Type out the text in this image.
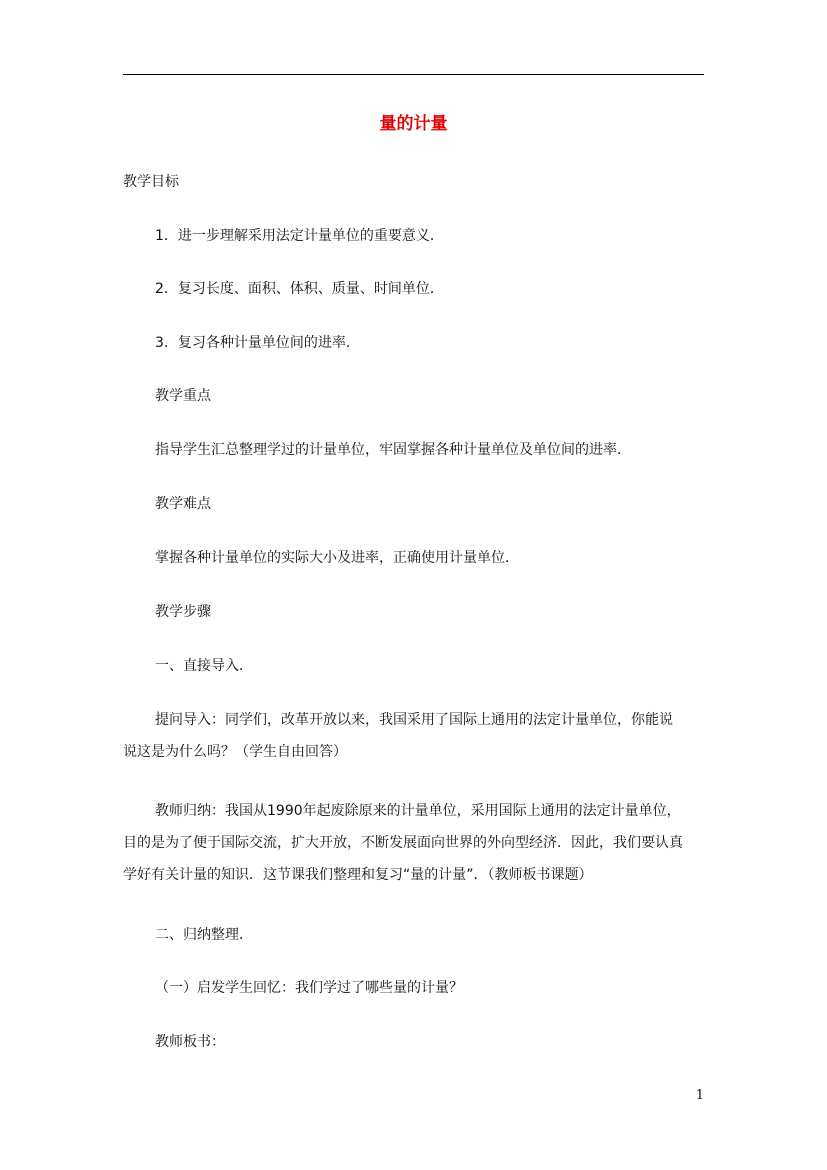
量的计量
教学目标
1．进一步理解采用法定计量单位的重要意义．
2．复习长度、面积、体积、质量、时间单位．
3．复习各种计量单位间的进率．
教学重点
指导学生汇总整理学过的计量单位，牢固掌握各种计量单位及单位间的进率．
教学难点
掌握各种计量单位的实际大小及进率，正确使用计量单位．
教学步骤
一、直接导入．
提问导入：同学们，改革开放以来，我国采用了国际上通用的法定计量单位，你能说说这是为什么吗？（学生自由回答）
教师归纳：我国从1990年起废除原来的计量单位，采用国际上通用的法定计量单位，目的是为了便于国际交流，扩大开放，不断发展面向世界的外向型经济．因此，我们要认真学好有关计量的知识．这节课我们整理和复习“量的计量”．（教师板书课题）
二、归纳整理．
（一）启发学生回忆：我们学过了哪些量的计量？
教师板书：
1
